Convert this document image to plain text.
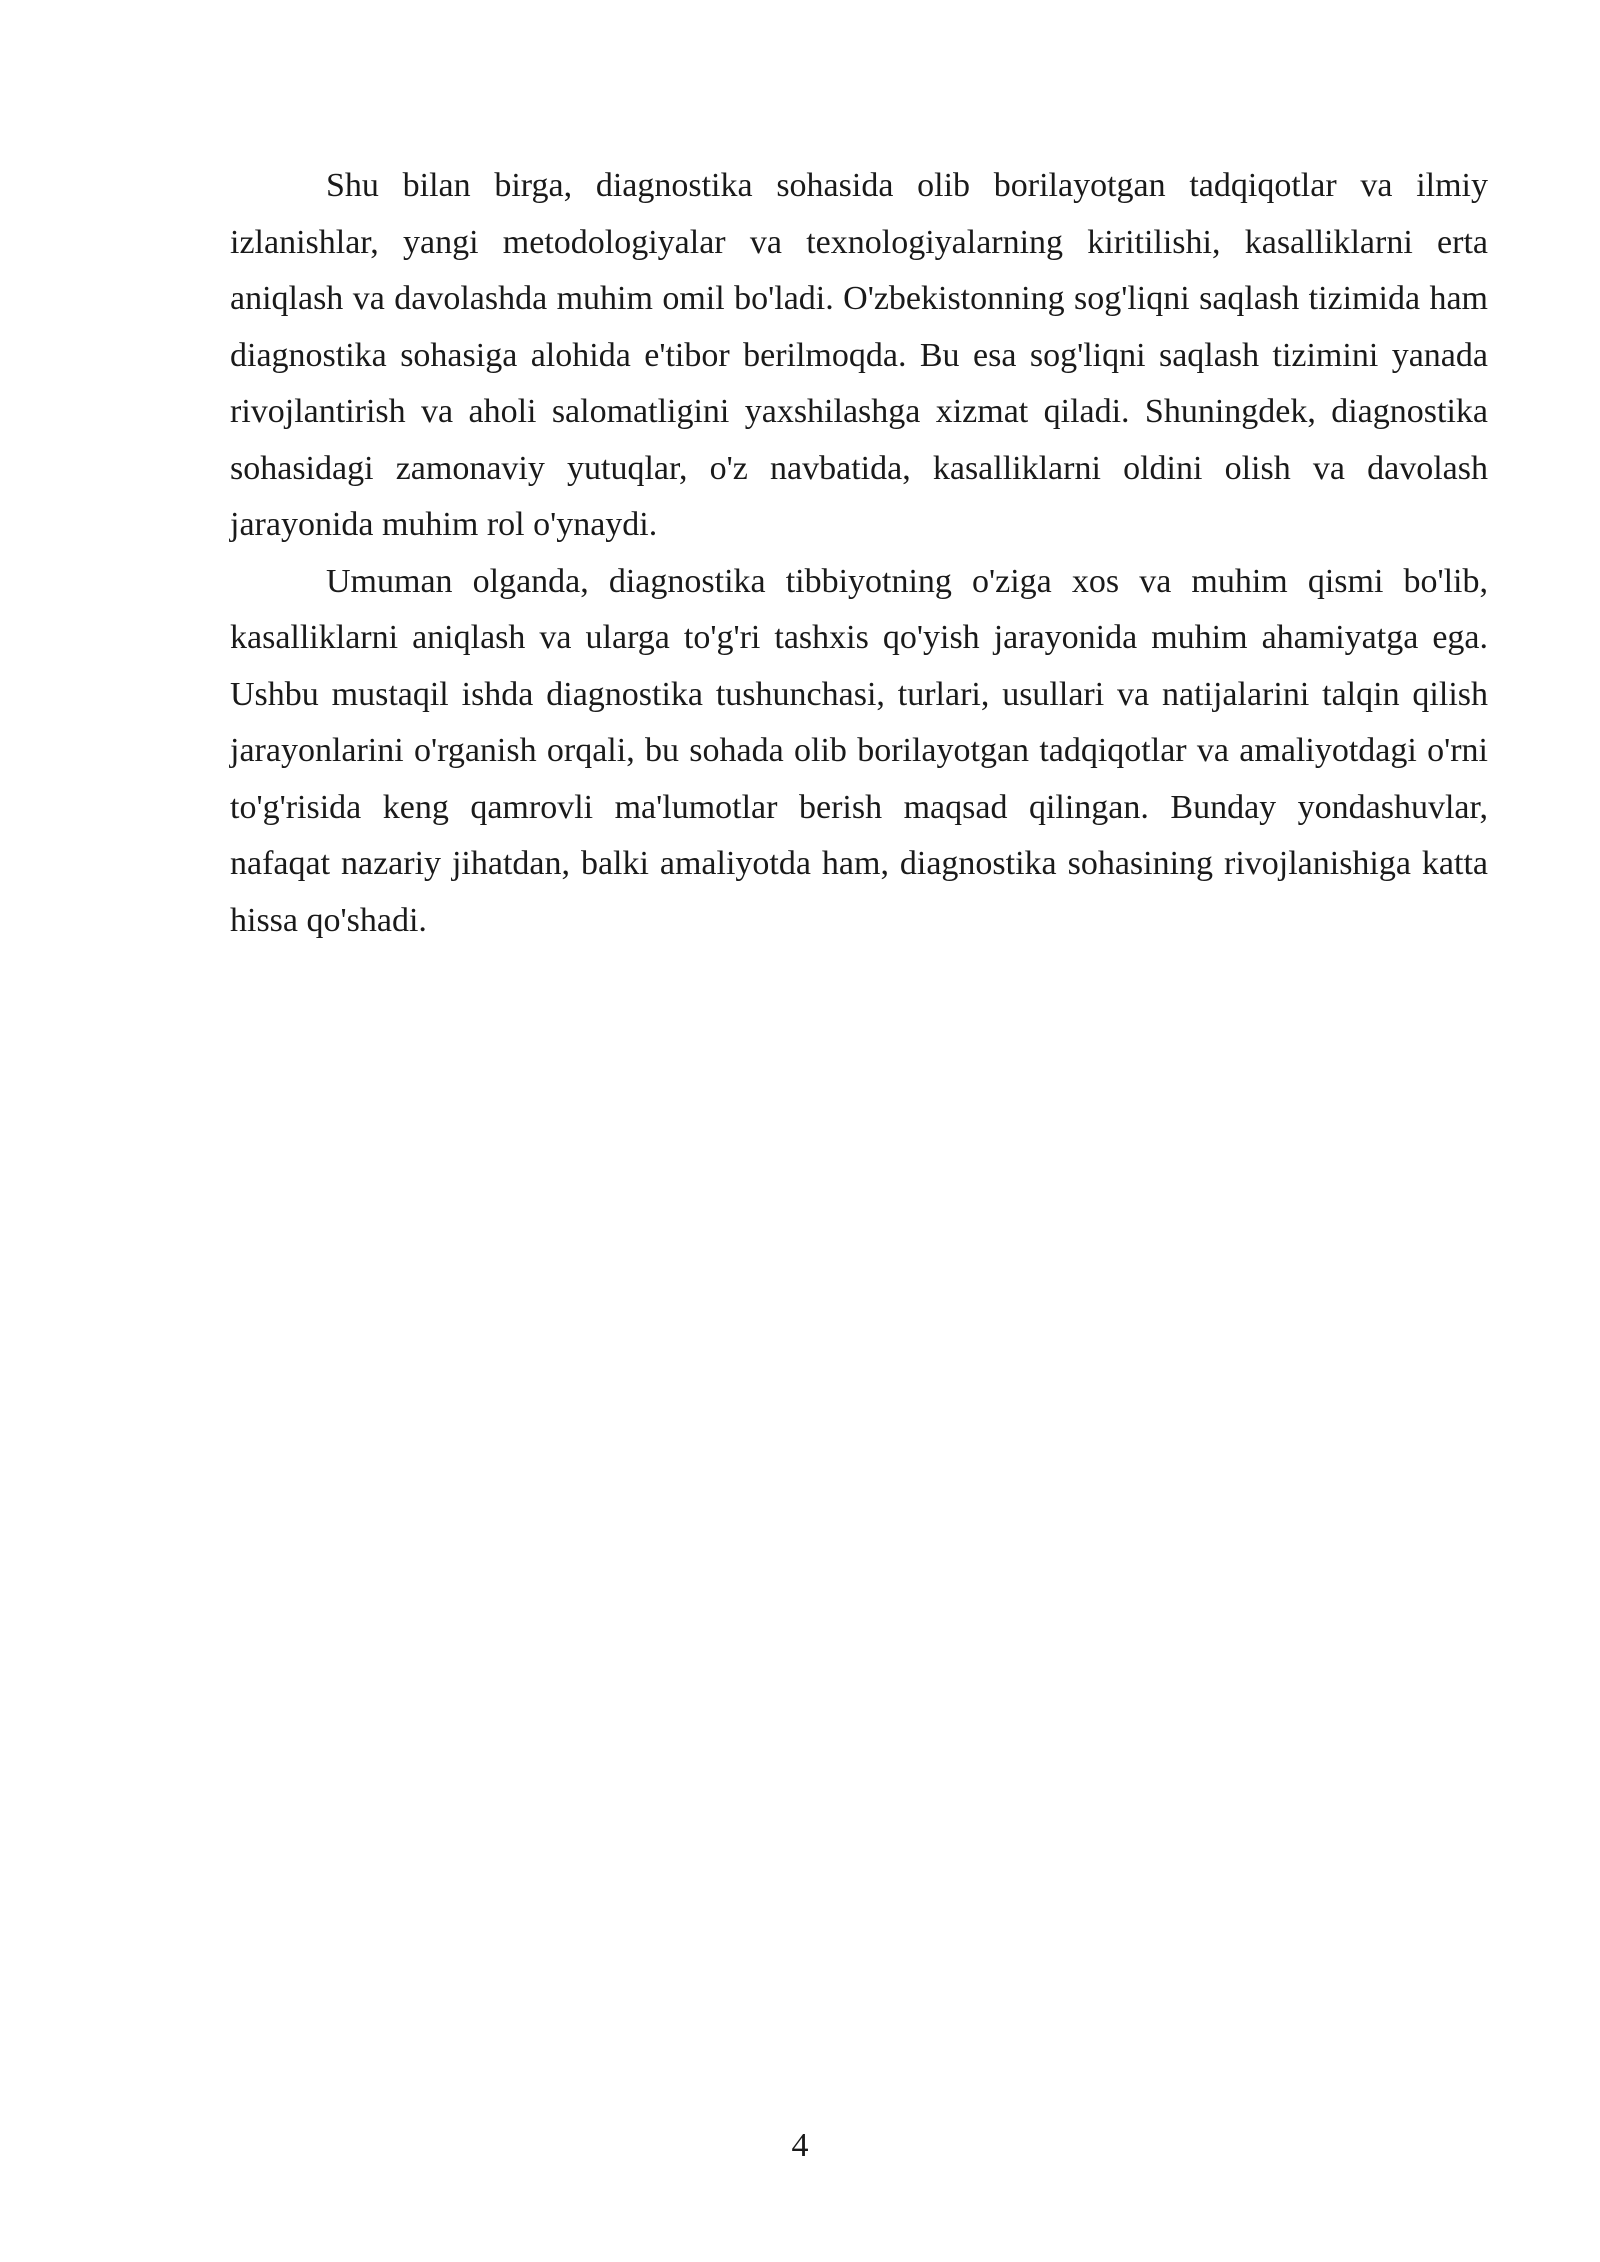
Shu bilan birga, diagnostika sohasida olib borilayotgan tadqiqotlar va ilmiy izlanishlar, yangi metodologiyalar va texnologiyalarning kiritilishi, kasalliklarni erta aniqlash va davolashda muhim omil bo'ladi. O'zbekistonning sog'liqni saqlash tizimida ham diagnostika sohasiga alohida e'tibor berilmoqda. Bu esa sog'liqni saqlash tizimini yanada rivojlantirish va aholi salomatligini yaxshilashga xizmat qiladi. Shuningdek, diagnostika sohasidagi zamonaviy yutuqlar, o'z navbatida, kasalliklarni oldini olish va davolash jarayonida muhim rol o'ynaydi.

Umuman olganda, diagnostika tibbiyotning o'ziga xos va muhim qismi bo'lib, kasalliklarni aniqlash va ularga to'g'ri tashxis qo'yish jarayonida muhim ahamiyatga ega. Ushbu mustaqil ishda diagnostika tushunchasi, turlari, usullari va natijalarini talqin qilish jarayonlarini o'rganish orqali, bu sohada olib borilayotgan tadqiqotlar va amaliyotdagi o'rni to'g'risida keng qamrovli ma'lumotlar berish maqsad qilingan. Bunday yondashuvlar, nafaqat nazariy jihatdan, balki amaliyotda ham, diagnostika sohasining rivojlanishiga katta hissa qo'shadi.

4
